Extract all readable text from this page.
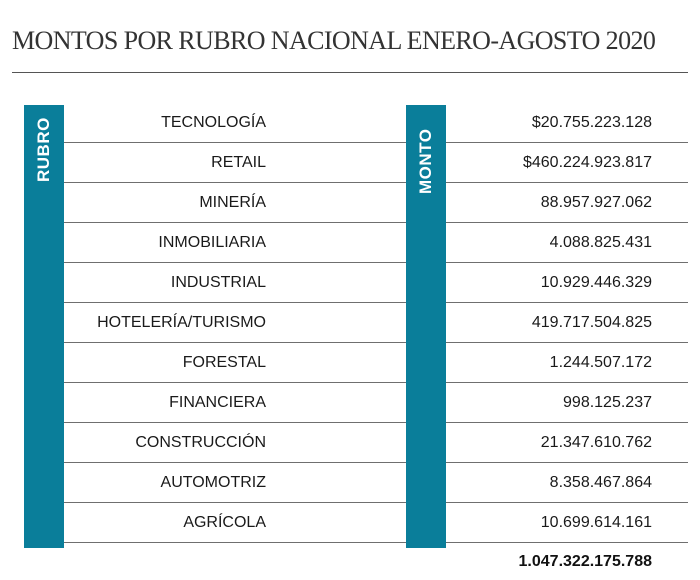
MONTOS POR RUBRO NACIONAL ENERO-AGOSTO 2020
RUBRO	MONTO
TECNOLOGÍA
RETAIL
MINERÍA
INMOBILIARIA
INDUSTRIAL
HOTELERÍA/TURISMO
FORESTAL
FINANCIERA
CONSTRUCCIÓN
AUTOMOTRIZ
AGRÍCOLA
$20.755.223.128
$460.224.923.817
88.957.927.062
4.088.825.431
10.929.446.329
419.717.504.825
1.244.507.172
998.125.237
21.347.610.762
8.358.467.864
10.699.614.161
1.047.322.175.788
